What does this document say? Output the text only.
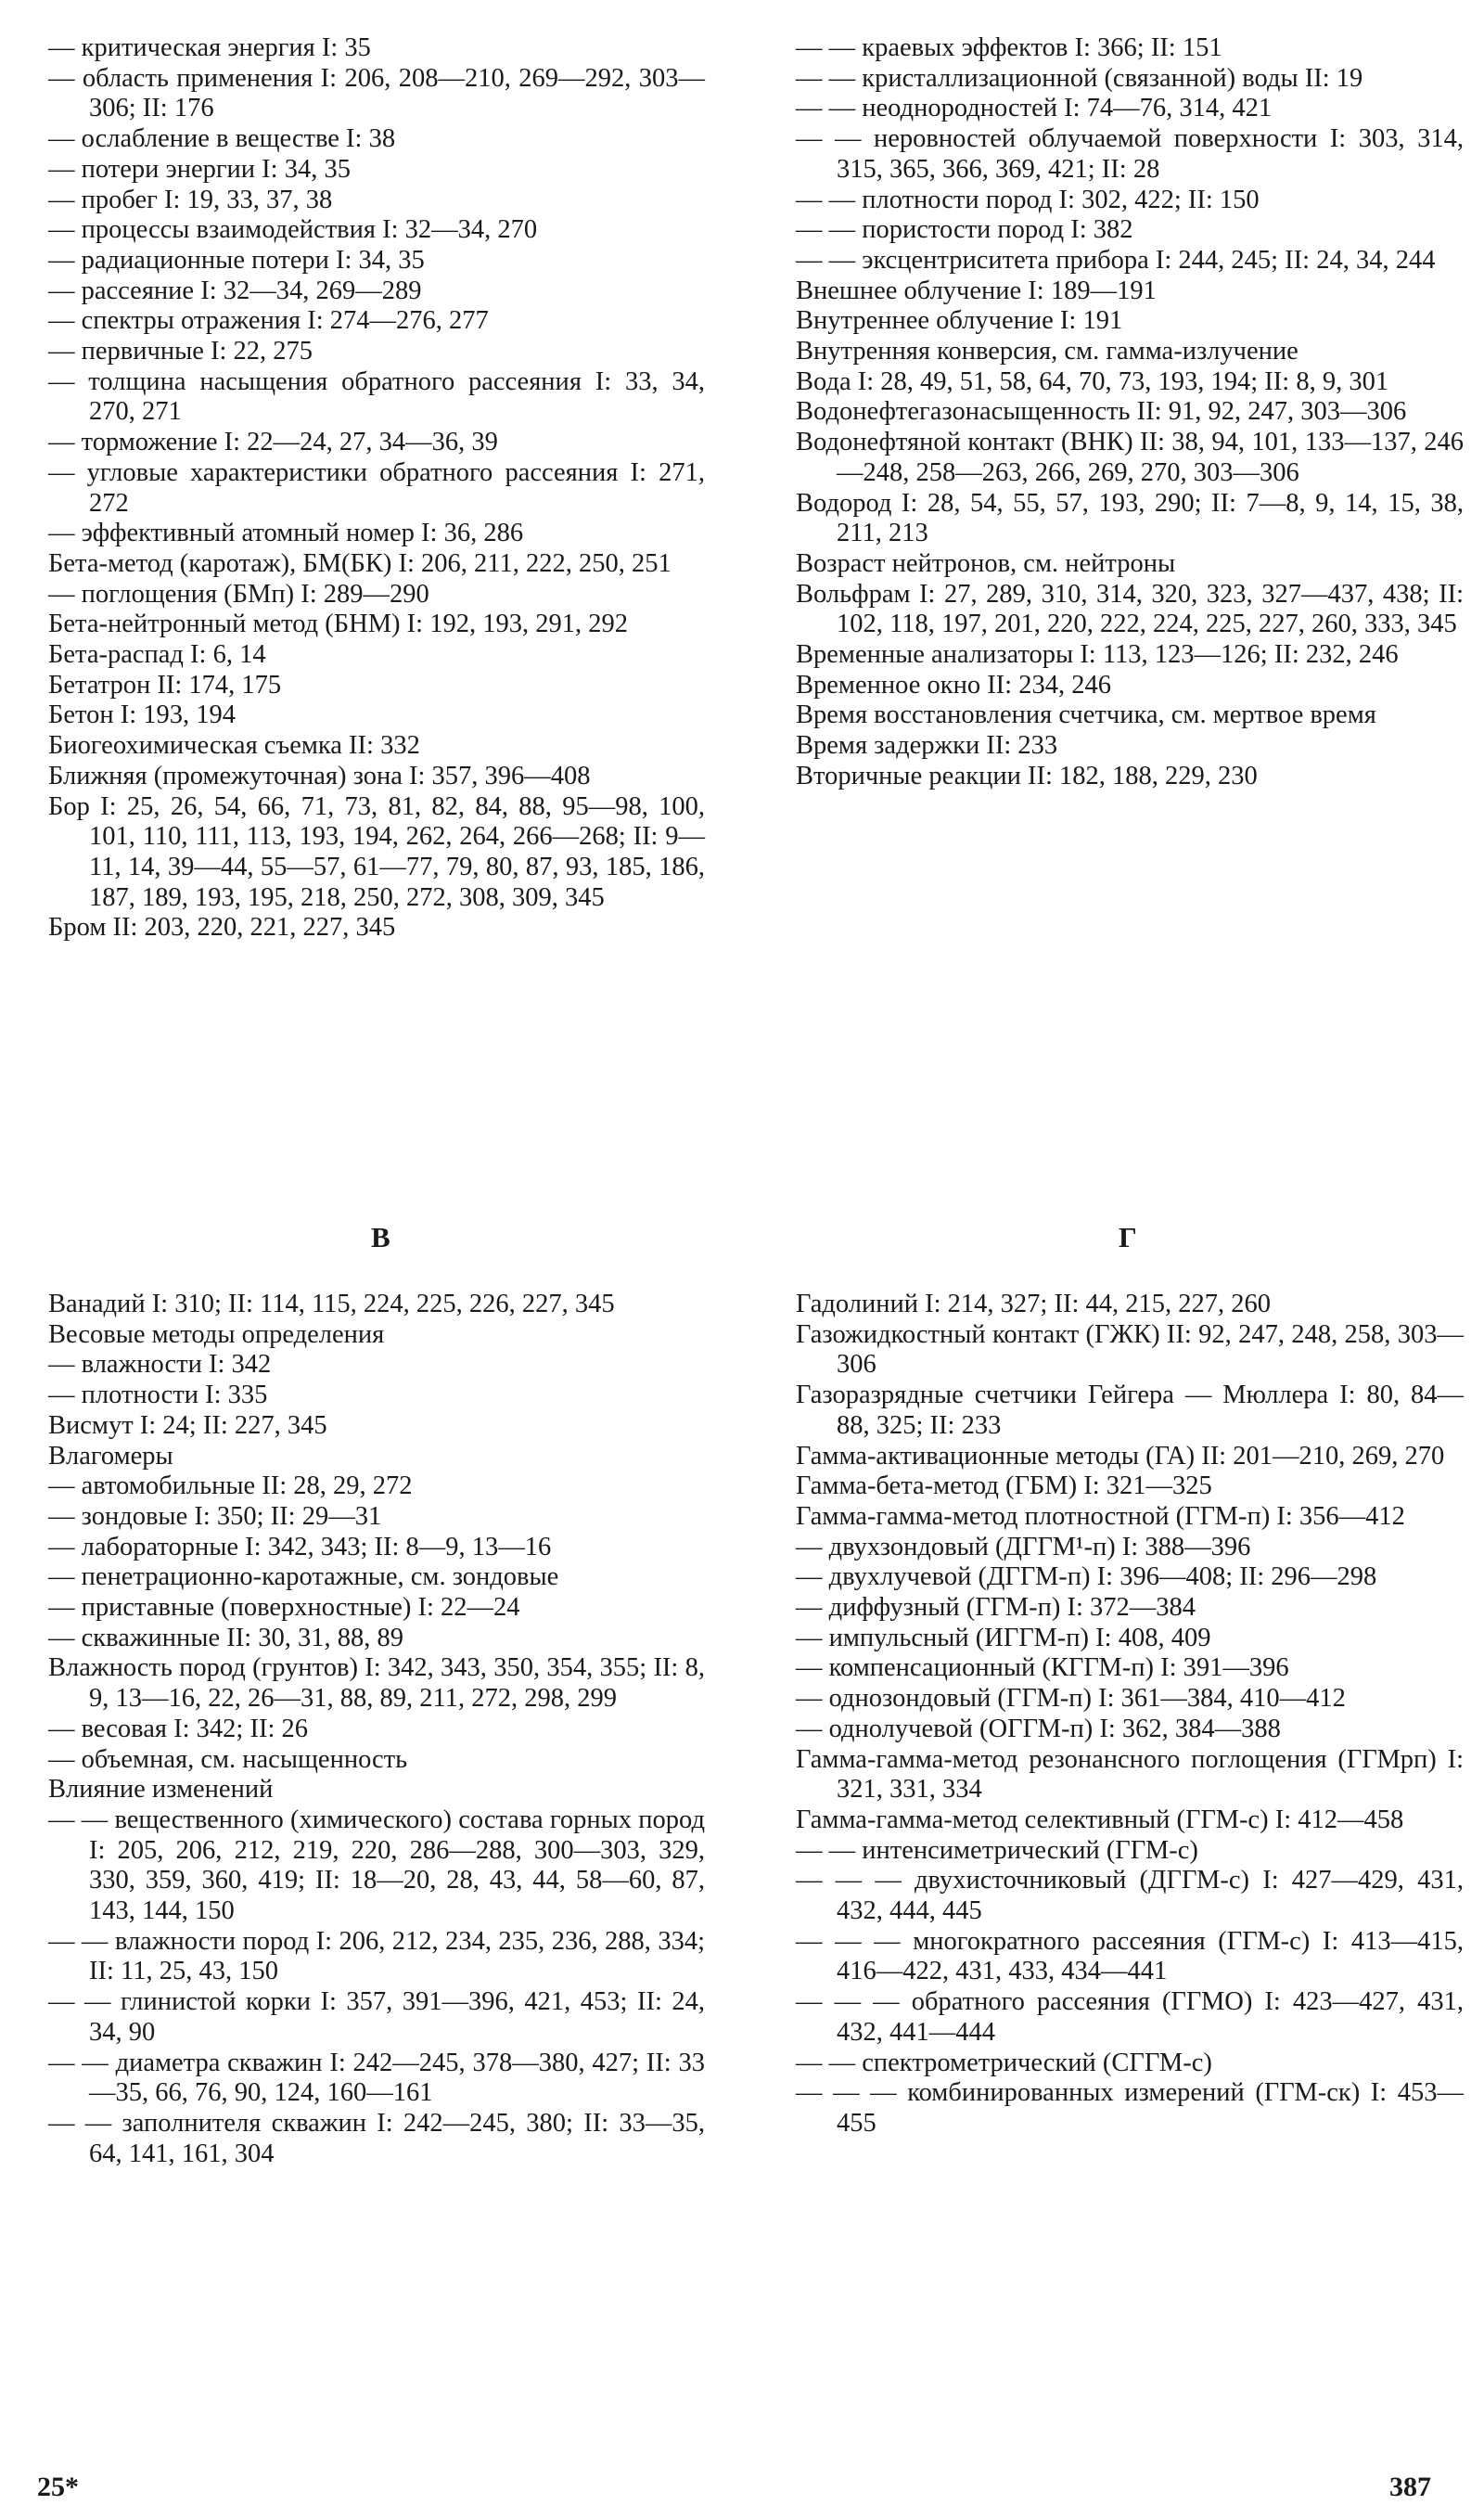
— критическая энергия I: 35

— область применения I: 206, 208—210, 269—292, 303—306; II: 176

— ослабление в веществе I: 38

— потери энергии I: 34, 35

— пробег I: 19, 33, 37, 38

— процессы взаимодействия I: 32—34, 270

— радиационные потери I: 34, 35

— рассеяние I: 32—34, 269—289

— спектры отражения I: 274—276, 277

— первичные I: 22, 275

— толщина насыщения обратного рассеяния I: 33, 34, 270, 271

— торможение I: 22—24, 27, 34—36, 39

— угловые характеристики обратного рассеяния I: 271, 272

— эффективный атомный номер I: 36, 286

Бета-метод (каротаж), БМ(БК) I: 206, 211, 222, 250, 251

— поглощения (БМп) I: 289—290

Бета-нейтронный метод (БНМ) I: 192, 193, 291, 292

Бета-распад I: 6, 14

Бетатрон II: 174, 175

Бетон I: 193, 194

Биогеохимическая съемка II: 332

Ближняя (промежуточная) зона I: 357, 396—408

Бор I: 25, 26, 54, 66, 71, 73, 81, 82, 84, 88, 95—98, 100, 101, 110, 111, 113, 193, 194, 262, 264, 266—268; II: 9—11, 14, 39—44, 55—57, 61—77, 79, 80, 87, 93, 185, 186, 187, 189, 193, 195, 218, 250, 272, 308, 309, 345

Бром II: 203, 220, 221, 227, 345

— — краевых эффектов I: 366; II: 151

— — кристаллизационной (связанной) воды II: 19

— — неоднородностей I: 74—76, 314, 421

— — неровностей облучаемой поверхности I: 303, 314, 315, 365, 366, 369, 421; II: 28

— — плотности пород I: 302, 422; II: 150

— — пористости пород I: 382

— — эксцентриситета прибора I: 244, 245; II: 24, 34, 244

Внешнее облучение I: 189—191

Внутреннее облучение I: 191

Внутренняя конверсия, см. гамма-излучение

Вода I: 28, 49, 51, 58, 64, 70, 73, 193, 194; II: 8, 9, 301

Водонефтегазонасыщенность II: 91, 92, 247, 303—306

Водонефтяной контакт (ВНК) II: 38, 94, 101, 133—137, 246—248, 258—263, 266, 269, 270, 303—306

Водород I: 28, 54, 55, 57, 193, 290; II: 7—8, 9, 14, 15, 38, 211, 213

Возраст нейтронов, см. нейтроны

Вольфрам I: 27, 289, 310, 314, 320, 323, 327—437, 438; II: 102, 118, 197, 201, 220, 222, 224, 225, 227, 260, 333, 345

Временные анализаторы I: 113, 123—126; II: 232, 246

Временное окно II: 234, 246

Время восстановления счетчика, см. мертвое время

Время задержки II: 233

Вторичные реакции II: 182, 188, 229, 230

В	Г

Ванадий I: 310; II: 114, 115, 224, 225, 226, 227, 345

Весовые методы определения

— влажности I: 342

— плотности I: 335

Висмут I: 24; II: 227, 345

Влагомеры

— автомобильные II: 28, 29, 272

— зондовые I: 350; II: 29—31

— лабораторные I: 342, 343; II: 8—9, 13—16

— пенетрационно-каротажные, см. зондовые

— приставные (поверхностные) I: 22—24

— скважинные II: 30, 31, 88, 89

Влажность пород (грунтов) I: 342, 343, 350, 354, 355; II: 8, 9, 13—16, 22, 26—31, 88, 89, 211, 272, 298, 299

— весовая I: 342; II: 26

— объемная, см. насыщенность

Влияние изменений

— — вещественного (химического) состава горных пород I: 205, 206, 212, 219, 220, 286—288, 300—303, 329, 330, 359, 360, 419; II: 18—20, 28, 43, 44, 58—60, 87, 143, 144, 150

— — влажности пород I: 206, 212, 234, 235, 236, 288, 334; II: 11, 25, 43, 150

— — глинистой корки I: 357, 391—396, 421, 453; II: 24, 34, 90

— — диаметра скважин I: 242—245, 378—380, 427; II: 33—35, 66, 76, 90, 124, 160—161

— — заполнителя скважин I: 242—245, 380; II: 33—35, 64, 141, 161, 304

Гадолиний I: 214, 327; II: 44, 215, 227, 260

Газожидкостный контакт (ГЖК) II: 92, 247, 248, 258, 303—306

Газоразрядные счетчики Гейгера — Мюллера I: 80, 84—88, 325; II: 233

Гамма-активационные методы (ГА) II: 201—210, 269, 270

Гамма-бета-метод (ГБМ) I: 321—325

Гамма-гамма-метод плотностной (ГГМ-п) I: 356—412

— двухзондовый (ДГГМ¹-п) I: 388—396

— двухлучевой (ДГГМ-п) I: 396—408; II: 296—298

— диффузный (ГГМ-п) I: 372—384

— импульсный (ИГГМ-п) I: 408, 409

— компенсационный (КГГМ-п) I: 391—396

— однозондовый (ГГМ-п) I: 361—384, 410—412

— однолучевой (ОГГМ-п) I: 362, 384—388

Гамма-гамма-метод резонансного поглощения (ГГМрп) I: 321, 331, 334

Гамма-гамма-метод селективный (ГГМ-с) I: 412—458

— — интенсиметрический (ГГМ-с)

— — — двухисточниковый (ДГГМ-с) I: 427—429, 431, 432, 444, 445

— — — многократного рассеяния (ГГМ-с) I: 413—415, 416—422, 431, 433, 434—441

— — — обратного рассеяния (ГГМО) I: 423—427, 431, 432, 441—444

— — спектрометрический (СГГМ-с)

— — — комбинированных измерений (ГГМ-ск) I: 453—455

25*	387
